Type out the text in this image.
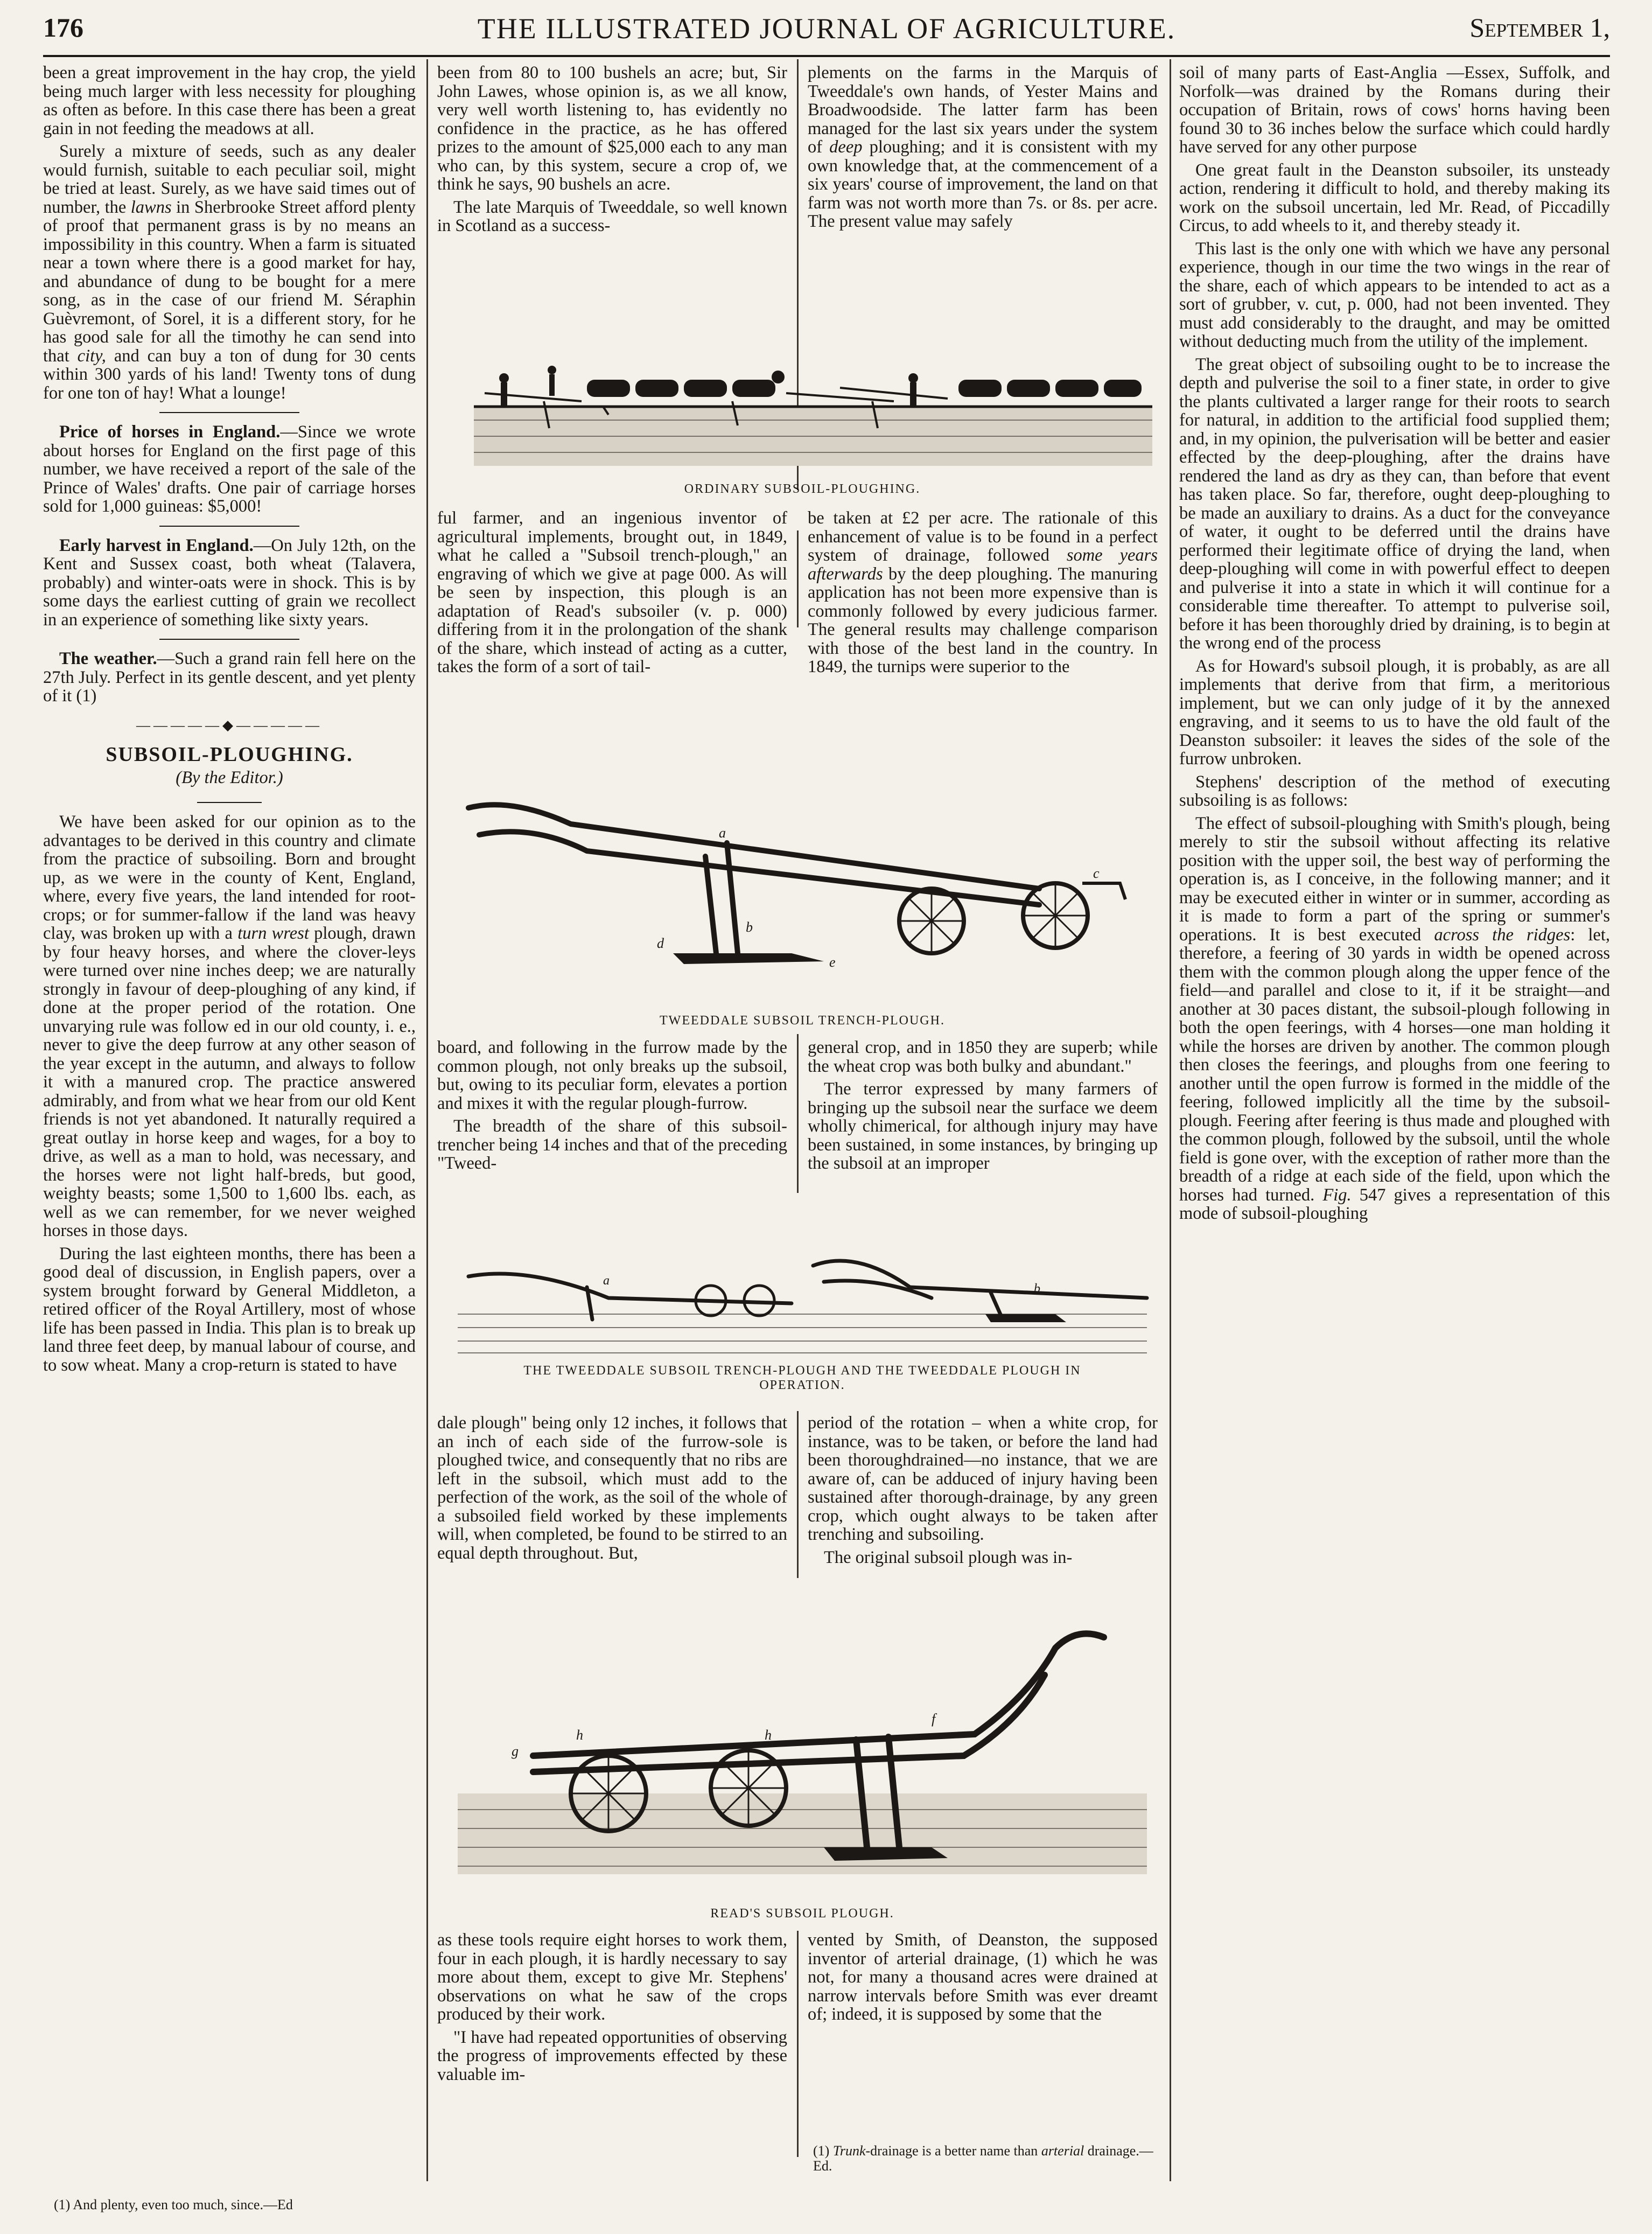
176	THE ILLUSTRATED JOURNAL OF AGRICULTURE.	September 1,

been a great improvement in the hay crop, the yield being much larger with less necessity for ploughing as often as before. In this case there has been a great gain in not feeding the meadows at all.

Surely a mixture of seeds, such as any dealer would furnish, suitable to each peculiar soil, might be tried at least. Surely, as we have said times out of number, the lawns in Sherbrooke Street afford plenty of proof that permanent grass is by no means an impossibility in this country. When a farm is situated near a town where there is a good market for hay, and abundance of dung to be bought for a mere song, as in the case of our friend M. Séraphin Guèvremont, of Sorel, it is a different story, for he has good sale for all the timothy he can send into that city, and can buy a ton of dung for 30 cents within 300 yards of his land! Twenty tons of dung for one ton of hay! What a lounge!

Price of horses in England.—Since we wrote about horses for England on the first page of this number, we have received a report of the sale of the Prince of Wales' drafts. One pair of carriage horses sold for 1,000 guineas: $5,000!

Early harvest in England.—On July 12th, on the Kent and Sussex coast, both wheat (Talavera, probably) and winter-oats were in shock. This is by some days the earliest cutting of grain we recollect in an experience of something like sixty years.

The weather.—Such a grand rain fell here on the 27th July. Perfect in its gentle descent, and yet plenty of it (1)

—————◆—————
SUBSOIL-PLOUGHING.
(By the Editor.)

We have been asked for our opinion as to the advantages to be derived in this country and climate from the practice of subsoiling. Born and brought up, as we were in the county of Kent, England, where, every five years, the land intended for root-crops; or for summer-fallow if the land was heavy clay, was broken up with a turn wrest plough, drawn by four heavy horses, and where the clover-leys were turned over nine inches deep; we are naturally strongly in favour of deep-ploughing of any kind, if done at the proper period of the rotation. One unvarying rule was follow ed in our old county, i. e., never to give the deep furrow at any other season of the year except in the autumn, and always to follow it with a manured crop. The practice answered admirably, and from what we hear from our old Kent friends is not yet abandoned. It naturally required a great outlay in horse keep and wages, for a boy to drive, as well as a man to hold, was necessary, and the horses were not light half-breds, but good, weighty beasts; some 1,500 to 1,600 lbs. each, as well as we can remember, for we never weighed horses in those days.

During the last eighteen months, there has been a good deal of discussion, in English papers, over a system brought forward by General Middleton, a retired officer of the Royal Artillery, most of whose life has been passed in India. This plan is to break up land three feet deep, by manual labour of course, and to sow wheat. Many a crop-return is stated to have

(1) And plenty, even too much, since.—Ed
ORDINARY SUBSOIL-PLOUGHING.

been from 80 to 100 bushels an acre; but, Sir John Lawes, whose opinion is, as we all know, very well worth listening to, has evidently no confidence in the practice, as he has offered prizes to the amount of $25,000 each to any man who can, by this system, secure a crop of, we think he says, 90 bushels an acre.

The late Marquis of Tweeddale, so well known in Scotland as a success-

plements on the farms in the Marquis of Tweeddale's own hands, of Yester Mains and Broadwoodside. The latter farm has been managed for the last six years under the system of deep ploughing; and it is consistent with my own knowledge that, at the commencement of a six years' course of improvement, the land on that farm was not worth more than 7s. or 8s. per acre. The present value may safely

ful farmer, and an ingenious inventor of agricultural implements, brought out, in 1849, what he called a "Subsoil trench-plough," an engraving of which we give at page 000. As will be seen by inspection, this plough is an adaptation of Read's subsoiler (v. p. 000) differing from it in the prolongation of the shank of the share, which instead of acting as a cutter, takes the form of a sort of tail-

be taken at £2 per acre. The rationale of this enhancement of value is to be found in a perfect system of drainage, followed some years afterwards by the deep ploughing. The manuring application has not been more expensive than is commonly followed by every judicious farmer. The general results may challenge comparison with those of the best land in the country. In 1849, the turnips were superior to the

a
d
b
e
c
TWEEDDALE SUBSOIL TRENCH-PLOUGH.

board, and following in the furrow made by the common plough, not only breaks up the subsoil, but, owing to its peculiar form, elevates a portion and mixes it with the regular plough-furrow.

The breadth of the share of this subsoil-trencher being 14 inches and that of the preceding "Tweed-

general crop, and in 1850 they are superb; while the wheat crop was both bulky and abundant."

The terror expressed by many farmers of bringing up the subsoil near the surface we deem wholly chimerical, for although injury may have been sustained, in some instances, by bringing up the subsoil at an improper

a
b
THE TWEEDDALE SUBSOIL TRENCH-PLOUGH AND THE TWEEDDALE PLOUGH IN
OPERATION.

dale plough" being only 12 inches, it follows that an inch of each side of the furrow-sole is ploughed twice, and consequently that no ribs are left in the subsoil, which must add to the perfection of the work, as the soil of the whole of a subsoiled field worked by these implements will, when completed, be found to be stirred to an equal depth throughout. But,

period of the rotation – when a white crop, for instance, was to be taken, or before the land had been thoroughdrained—no instance, that we are aware of, can be adduced of injury having been sustained after thorough-drainage, by any green crop, which ought always to be taken after trenching and subsoiling.

The original subsoil plough was in-

g
h	h
f
READ'S SUBSOIL PLOUGH.

as these tools require eight horses to work them, four in each plough, it is hardly necessary to say more about them, except to give Mr. Stephens' observations on what he saw of the crops produced by their work.

"I have had repeated opportunities of observing the progress of improvements effected by these valuable im-

vented by Smith, of Deanston, the supposed inventor of arterial drainage, (1) which he was not, for many a thousand acres were drained at narrow intervals before Smith was ever dreamt of; indeed, it is supposed by some that the

(1) Trunk-drainage is a better name than arterial drainage.—Ed.

soil of many parts of East-Anglia —Essex, Suffolk, and Norfolk—was drained by the Romans during their occupation of Britain, rows of cows' horns having been found 30 to 36 inches below the surface which could hardly have served for any other purpose

One great fault in the Deanston subsoiler, its unsteady action, rendering it difficult to hold, and thereby making its work on the subsoil uncertain, led Mr. Read, of Piccadilly Circus, to add wheels to it, and thereby steady it.

This last is the only one with which we have any personal experience, though in our time the two wings in the rear of the share, each of which appears to be intended to act as a sort of grubber, v. cut, p. 000, had not been invented. They must add considerably to the draught, and may be omitted without deducting much from the utility of the implement.

The great object of subsoiling ought to be to increase the depth and pulverise the soil to a finer state, in order to give the plants cultivated a larger range for their roots to search for natural, in addition to the artificial food supplied them; and, in my opinion, the pulverisation will be better and easier effected by the deep-ploughing, after the drains have rendered the land as dry as they can, than before that event has taken place. So far, therefore, ought deep-ploughing to be made an auxiliary to drains. As a duct for the conveyance of water, it ought to be deferred until the drains have performed their legitimate office of drying the land, when deep-ploughing will come in with powerful effect to deepen and pulverise it into a state in which it will continue for a considerable time thereafter. To attempt to pulverise soil, before it has been thoroughly dried by draining, is to begin at the wrong end of the process

As for Howard's subsoil plough, it is probably, as are all implements that derive from that firm, a meritorious implement, but we can only judge of it by the annexed engraving, and it seems to us to have the old fault of the Deanston subsoiler: it leaves the sides of the sole of the furrow unbroken.

Stephens' description of the method of executing subsoiling is as follows:

The effect of subsoil-ploughing with Smith's plough, being merely to stir the subsoil without affecting its relative position with the upper soil, the best way of performing the operation is, as I conceive, in the following manner; and it may be executed either in winter or in summer, according as it is made to form a part of the spring or summer's operations. It is best executed across the ridges: let, therefore, a feering of 30 yards in width be opened across them with the common plough along the upper fence of the field—and parallel and close to it, if it be straight—and another at 30 paces distant, the subsoil-plough following in both the open feerings, with 4 horses—one man holding it while the horses are driven by another. The common plough then closes the feerings, and ploughs from one feering to another until the open furrow is formed in the middle of the feering, followed implicitly all the time by the subsoil-plough. Feering after feering is thus made and ploughed with the common plough, followed by the subsoil, until the whole field is gone over, with the exception of rather more than the breadth of a ridge at each side of the field, upon which the horses had turned. Fig. 547 gives a representation of this mode of subsoil-ploughing
